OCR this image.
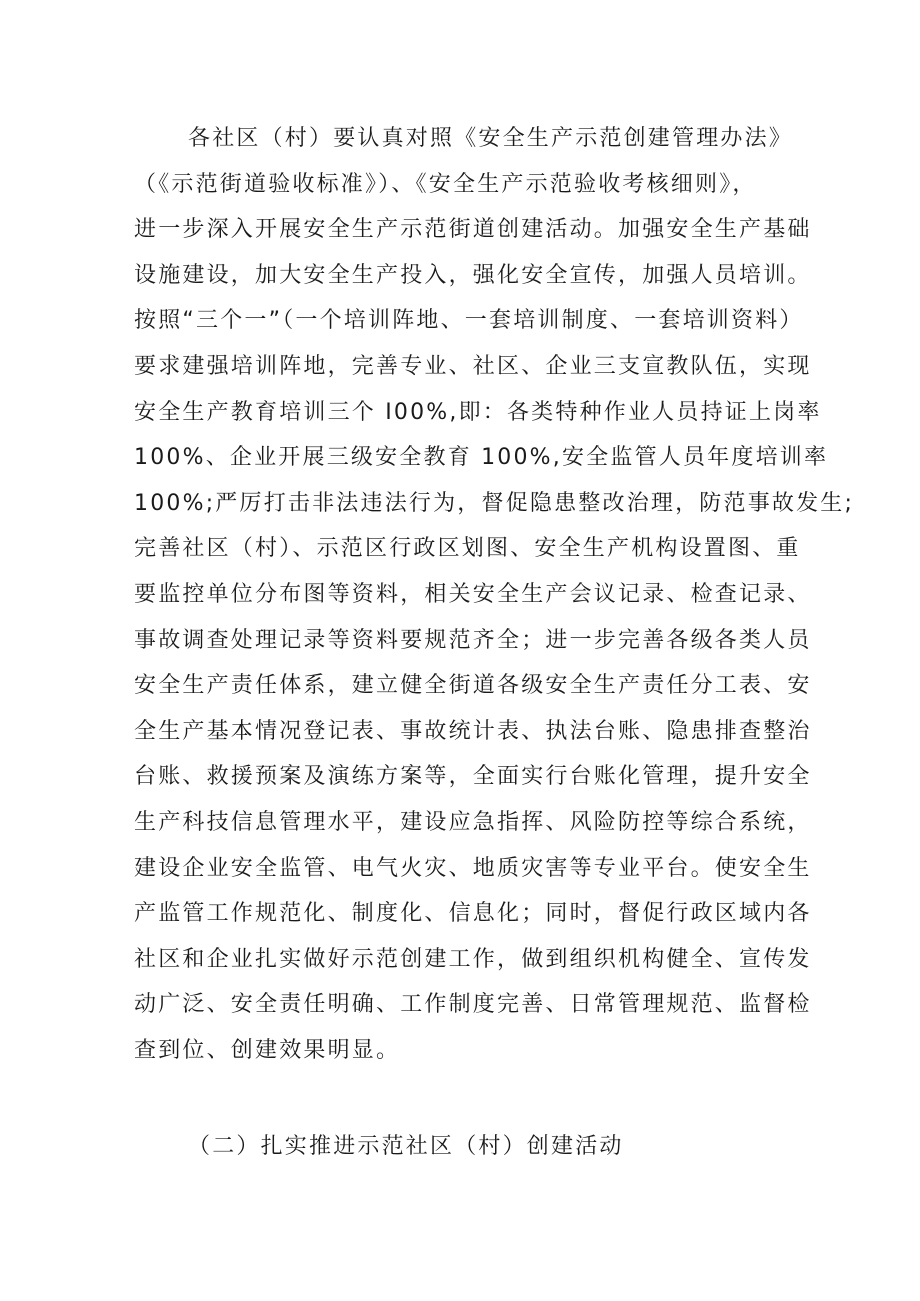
各社区（村）要认真对照《安全生产示范创建管理办法》
（《示范街道验收标准》）、《安全生产示范验收考核细则》，
进一步深入开展安全生产示范街道创建活动。加强安全生产基础
设施建设，加大安全生产投入，强化安全宣传，加强人员培训。
按照“三个一”（一个培训阵地、一套培训制度、一套培训资料）
要求建强培训阵地，完善专业、社区、企业三支宣教队伍，实现
安全生产教育培训三个 I00%,即：各类特种作业人员持证上岗率
100%、企业开展三级安全教育 100%,安全监管人员年度培训率
100%;严厉打击非法违法行为，督促隐患整改治理，防范事故发生;
完善社区（村）、示范区行政区划图、安全生产机构设置图、重
要监控单位分布图等资料，相关安全生产会议记录、检查记录、
事故调查处理记录等资料要规范齐全；进一步完善各级各类人员
安全生产责任体系，建立健全街道各级安全生产责任分工表、安
全生产基本情况登记表、事故统计表、执法台账、隐患排查整治
台账、救援预案及演练方案等，全面实行台账化管理，提升安全
生产科技信息管理水平，建设应急指挥、风险防控等综合系统，
建设企业安全监管、电气火灾、地质灾害等专业平台。使安全生
产监管工作规范化、制度化、信息化；同时，督促行政区域内各
社区和企业扎实做好示范创建工作，做到组织机构健全、宣传发
动广泛、安全责任明确、工作制度完善、日常管理规范、监督检
查到位、创建效果明显。
（二）扎实推进示范社区（村）创建活动
